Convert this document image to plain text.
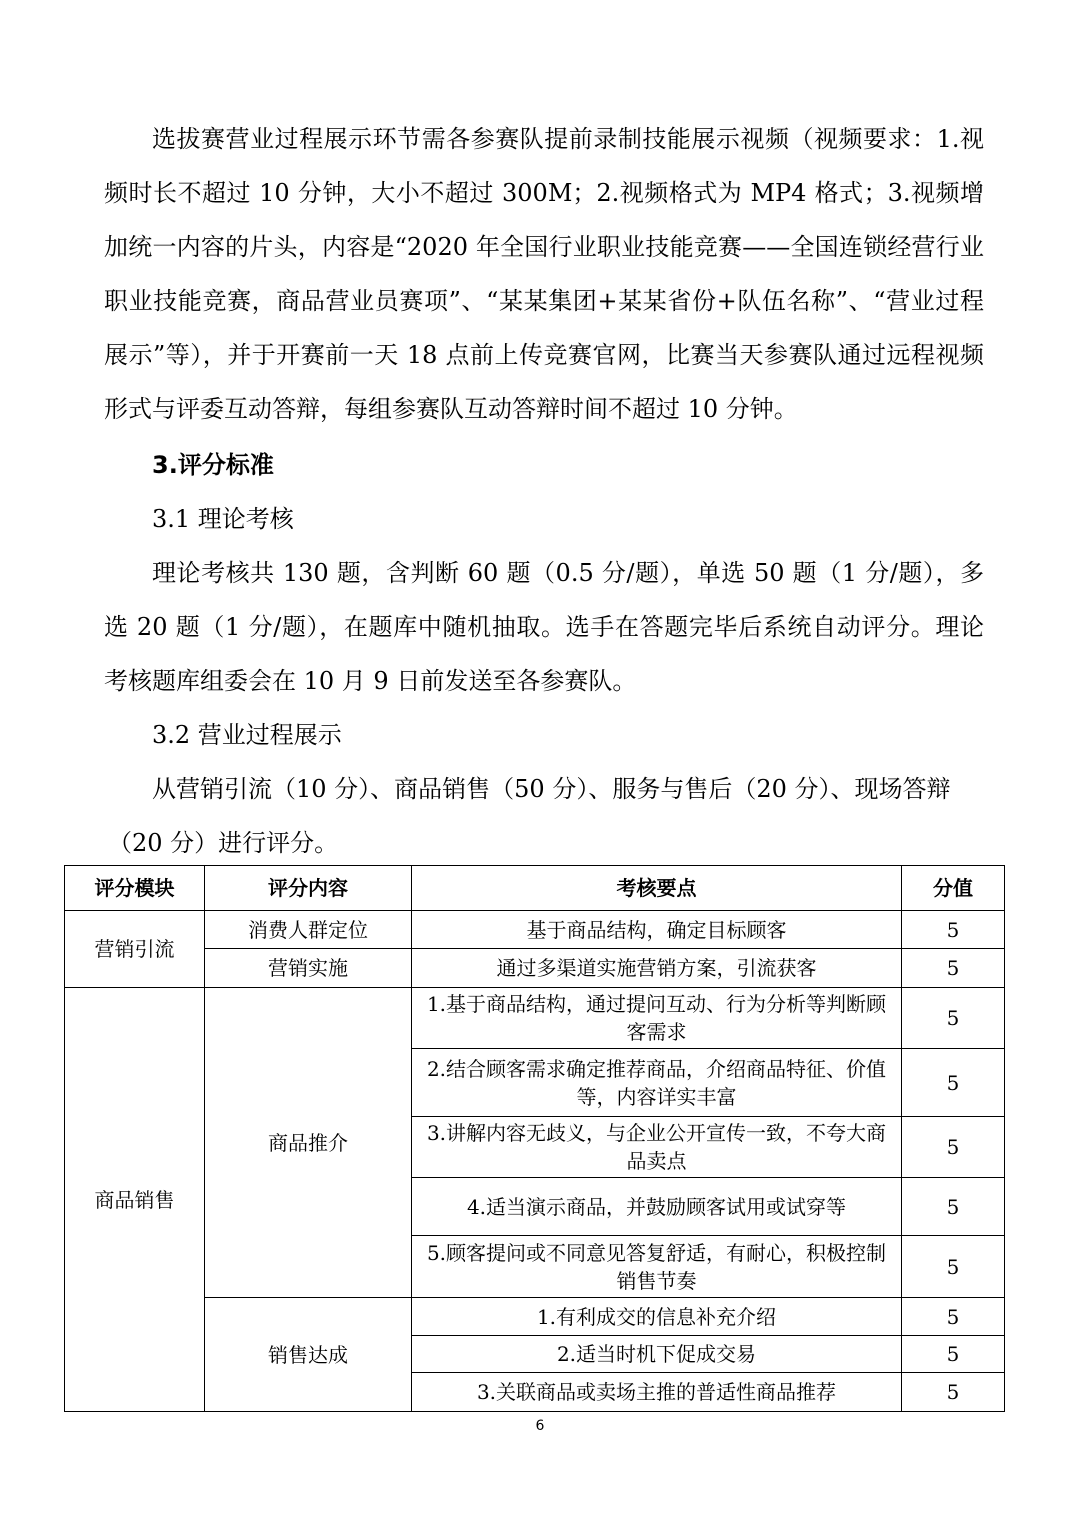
选拔赛营业过程展示环节需各参赛队提前录制技能展示视频（视频要求：1.视频时长不超过 10 分钟，大小不超过 300M；2.视频格式为 MP4 格式；3.视频增加统一内容的片头，内容是“2020 年全国行业职业技能竞赛——全国连锁经营行业职业技能竞赛，商品营业员赛项”、“某某集团+某某省份+队伍名称”、“营业过程展示”等），并于开赛前一天 18 点前上传竞赛官网，比赛当天参赛队通过远程视频形式与评委互动答辩，每组参赛队互动答辩时间不超过 10 分钟。

3.评分标准

3.1 理论考核

理论考核共 130 题，含判断 60 题（0.5 分/题），单选 50 题（1 分/题），多选 20 题（1 分/题），在题库中随机抽取。选手在答题完毕后系统自动评分。理论考核题库组委会在 10 月 9 日前发送至各参赛队。

3.2 营业过程展示

从营销引流（10 分）、商品销售（50 分）、服务与售后（20 分）、现场答辩

（20 分）进行评分。

评分模块	评分内容	考核要点	分值
营销引流	消费人群定位	基于商品结构，确定目标顾客	5
	营销实施	通过多渠道实施营销方案，引流获客	5
商品销售	商品推介	1.基于商品结构，通过提问互动、行为分析等判断顾客需求	5
		2.结合顾客需求确定推荐商品，介绍商品特征、价值等，内容详实丰富	5
		3.讲解内容无歧义，与企业公开宣传一致，不夸大商品卖点	5
		4.适当演示商品，并鼓励顾客试用或试穿等	5
		5.顾客提问或不同意见答复舒适，有耐心，积极控制销售节奏	5
	销售达成	1.有利成交的信息补充介绍	5
		2.适当时机下促成交易	5
		3.关联商品或卖场主推的普适性商品推荐	5
6
